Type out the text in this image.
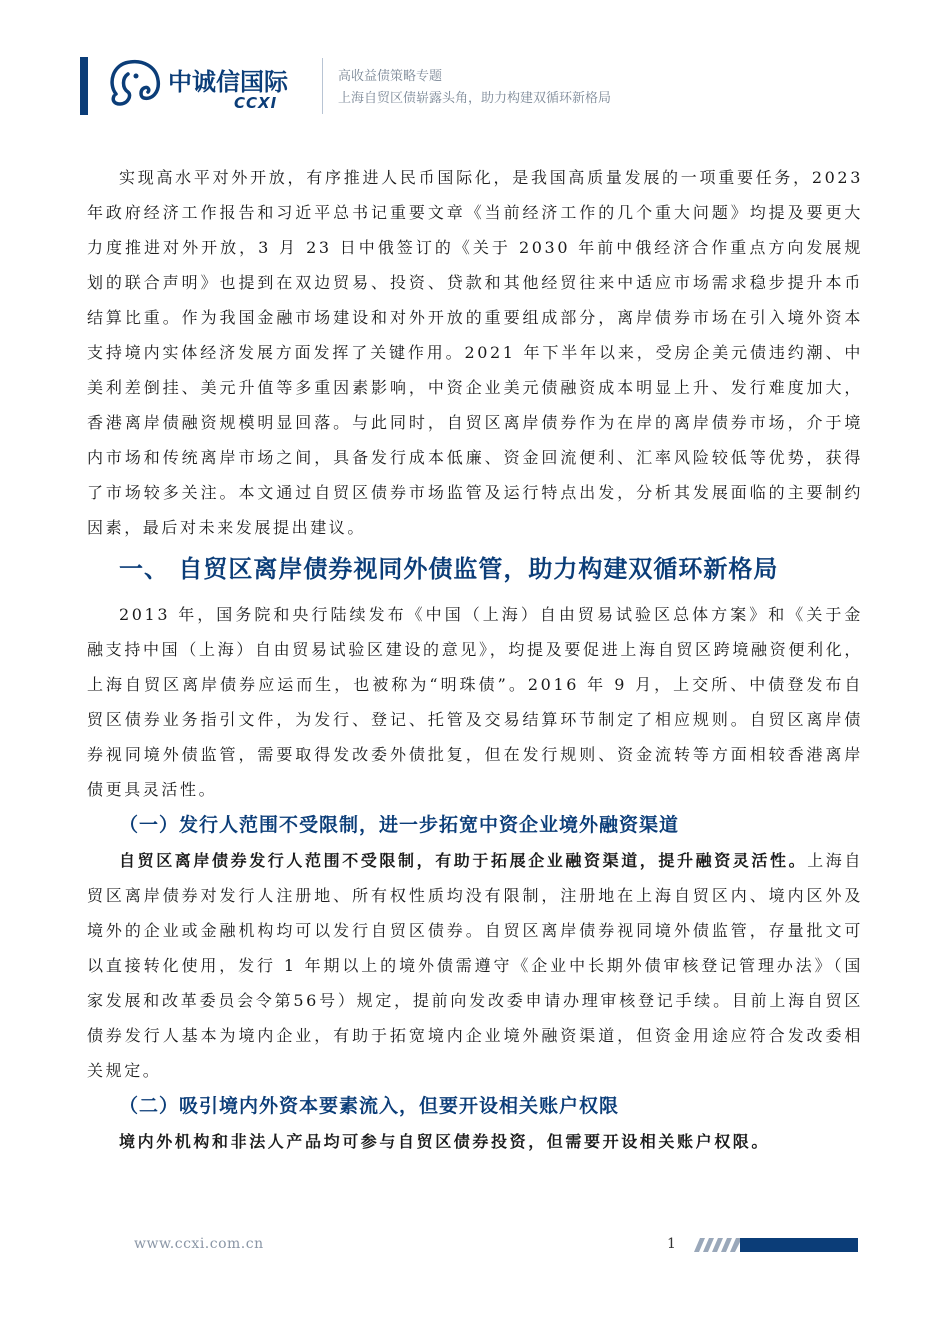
中诚信国际
CCXI
高收益债策略专题
上海自贸区债崭露头角，助力构建双循环新格局

实现高水平对外开放，有序推进人民币国际化，是我国高质量发展的一项重要任务，2023 年政府经济工作报告和习近平总书记重要文章《当前经济工作的几个重大问题》均提及要更大力度推进对外开放，3 月 23 日中俄签订的《关于 2030 年前中俄经济合作重点方向发展规划的联合声明》也提到在双边贸易、投资、贷款和其他经贸往来中适应市场需求稳步提升本币结算比重。作为我国金融市场建设和对外开放的重要组成部分，离岸债券市场在引入境外资本支持境内实体经济发展方面发挥了关键作用。2021 年下半年以来，受房企美元债违约潮、中美利差倒挂、美元升值等多重因素影响，中资企业美元债融资成本明显上升、发行难度加大，香港离岸债融资规模明显回落。与此同时，自贸区离岸债券作为在岸的离岸债券市场，介于境内市场和传统离岸市场之间，具备发行成本低廉、资金回流便利、汇率风险较低等优势，获得了市场较多关注。本文通过自贸区债券市场监管及运行特点出发，分析其发展面临的主要制约因素，最后对未来发展提出建议。

一、 自贸区离岸债券视同外债监管，助力构建双循环新格局

2013 年，国务院和央行陆续发布《中国（上海）自由贸易试验区总体方案》和《关于金融支持中国（上海）自由贸易试验区建设的意见》，均提及要促进上海自贸区跨境融资便利化，上海自贸区离岸债券应运而生，也被称为“明珠债”。2016 年 9 月，上交所、中债登发布自贸区债券业务指引文件，为发行、登记、托管及交易结算环节制定了相应规则。自贸区离岸债券视同境外债监管，需要取得发改委外债批复，但在发行规则、资金流转等方面相较香港离岸债更具灵活性。

（一）发行人范围不受限制，进一步拓宽中资企业境外融资渠道

自贸区离岸债券发行人范围不受限制，有助于拓展企业融资渠道，提升融资灵活性。上海自贸区离岸债券对发行人注册地、所有权性质均没有限制，注册地在上海自贸区内、境内区外及境外的企业或金融机构均可以发行自贸区债券。自贸区离岸债券视同境外债监管，存量批文可以直接转化使用，发行 1 年期以上的境外债需遵守《企业中长期外债审核登记管理办法》（国家发展和改革委员会令第56号）规定，提前向发改委申请办理审核登记手续。目前上海自贸区债券发行人基本为境内企业，有助于拓宽境内企业境外融资渠道，但资金用途应符合发改委相关规定。

（二）吸引境内外资本要素流入，但要开设相关账户权限

境内外机构和非法人产品均可参与自贸区债券投资，但需要开设相关账户权限。

www.ccxi.com.cn	1
